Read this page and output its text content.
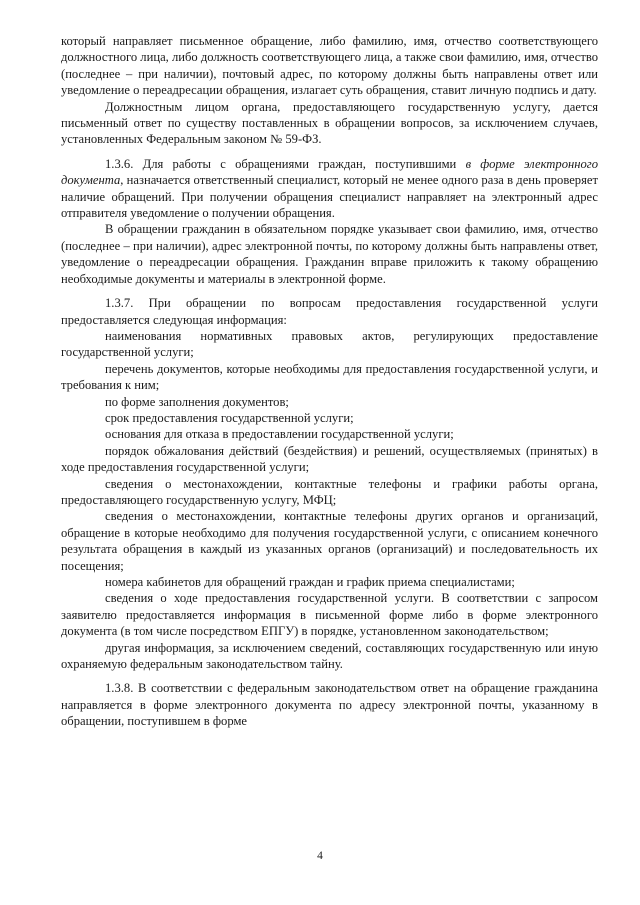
который направляет письменное обращение, либо фамилию, имя, отчество соответствующего должностного лица, либо должность соответствующего лица, а также свои фамилию, имя, отчество (последнее – при наличии), почтовый адрес, по которому должны быть направлены ответ или уведомление о переадресации обращения, излагает суть обращения, ставит личную подпись и дату.

Должностным лицом органа, предоставляющего государственную услугу, дается письменный ответ по существу поставленных в обращении вопросов, за исключением случаев, установленных Федеральным законом № 59-ФЗ.

1.3.6. Для работы с обращениями граждан, поступившими в форме электронного документа, назначается ответственный специалист, который не менее одного раза в день проверяет наличие обращений. При получении обращения специалист направляет на электронный адрес отправителя уведомление о получении обращения.

В обращении гражданин в обязательном порядке указывает свои фамилию, имя, отчество (последнее – при наличии), адрес электронной почты, по которому должны быть направлены ответ, уведомление о переадресации обращения. Гражданин вправе приложить к такому обращению необходимые документы и материалы в электронной форме.

1.3.7. При обращении по вопросам предоставления государственной услуги предоставляется следующая информация:

наименования нормативных правовых актов, регулирующих предоставление государственной услуги;

перечень документов, которые необходимы для предоставления государственной услуги, и требования к ним;

по форме заполнения документов;

срок предоставления государственной услуги;

основания для отказа в предоставлении государственной услуги;

порядок обжалования действий (бездействия) и решений, осуществляемых (принятых) в ходе предоставления государственной услуги;

сведения о местонахождении, контактные телефоны и графики работы органа, предоставляющего государственную услугу, МФЦ;

сведения о местонахождении, контактные телефоны других органов и организаций, обращение в которые необходимо для получения государственной услуги, с описанием конечного результата обращения в каждый из указанных органов (организаций) и последовательность их посещения;

номера кабинетов для обращений граждан и график приема специалистами;

сведения о ходе предоставления государственной услуги. В соответствии с запросом заявителю предоставляется информация в письменной форме либо в форме электронного документа (в том числе посредством ЕПГУ) в порядке, установленном законодательством;

другая информация, за исключением сведений, составляющих государственную или иную охраняемую федеральным законодательством тайну.

1.3.8. В соответствии с федеральным законодательством ответ на обращение гражданина направляется в форме электронного документа по адресу электронной почты, указанному в обращении, поступившем в форме

4
